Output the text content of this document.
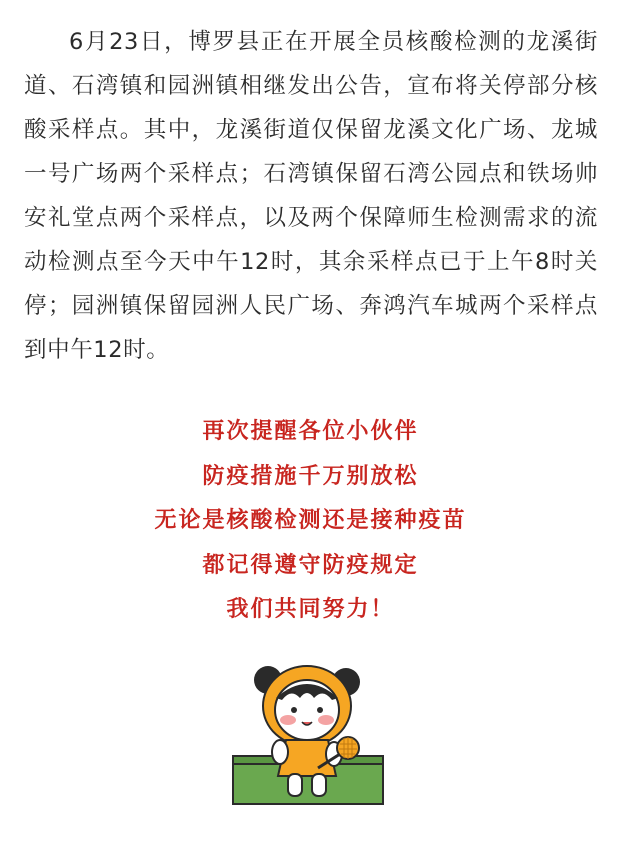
6月23日，博罗县正在开展全员核酸检测的龙溪街道、石湾镇和园洲镇相继发出公告，宣布将关停部分核酸采样点。其中，龙溪街道仅保留龙溪文化广场、龙城一号广场两个采样点；石湾镇保留石湾公园点和铁场帅安礼堂点两个采样点，以及两个保障师生检测需求的流动检测点至今天中午12时，其余采样点已于上午8时关停；园洲镇保留园洲人民广场、奔鸿汽车城两个采样点到中午12时。

再次提醒各位小伙伴
防疫措施千万别放松
无论是核酸检测还是接种疫苗
都记得遵守防疫规定
我们共同努力！
